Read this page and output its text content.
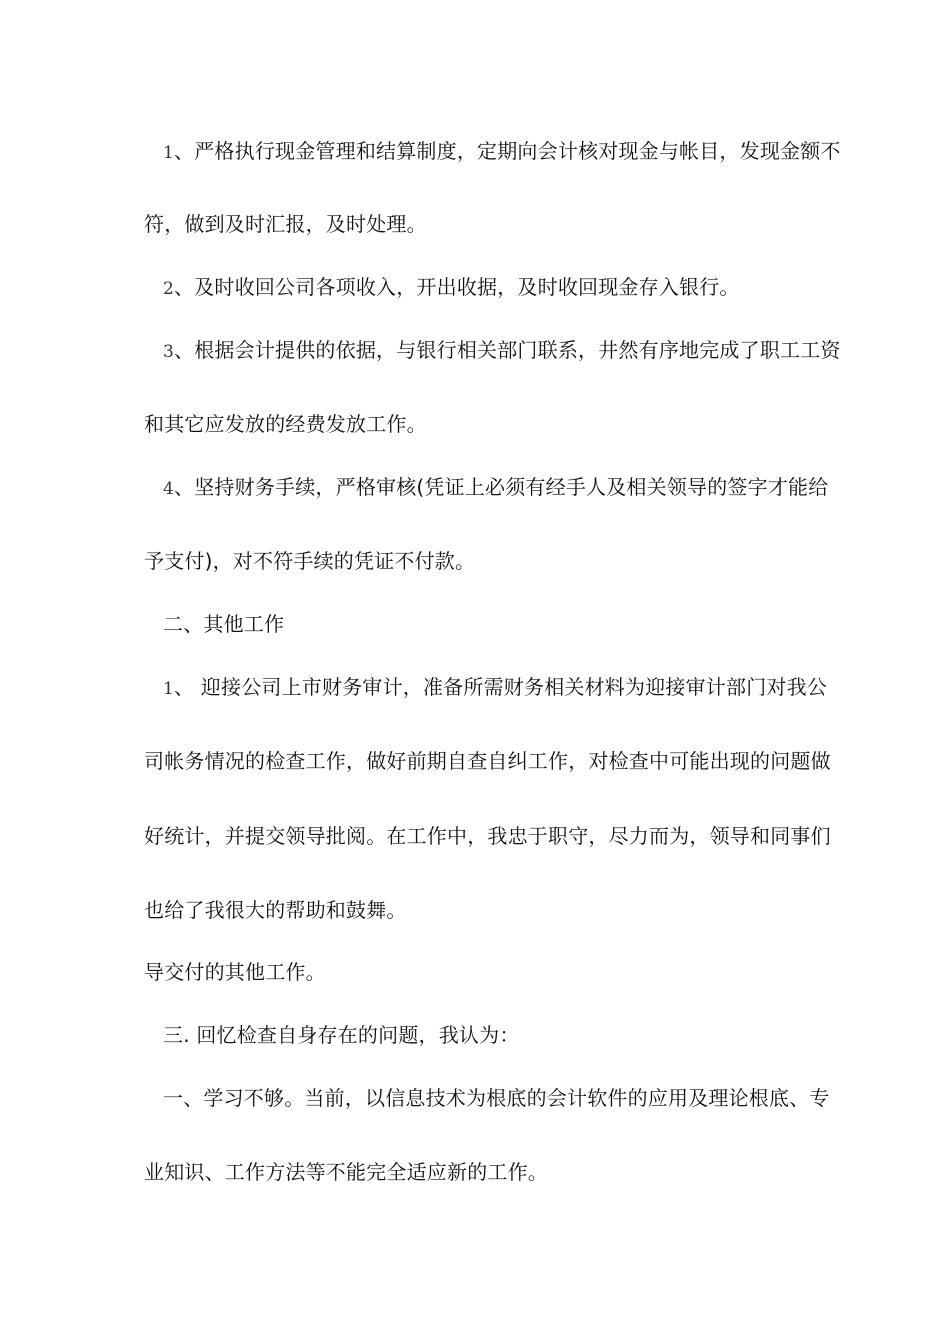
1、严格执行现金管理和结算制度，定期向会计核对现金与帐目，发现金额不

符，做到及时汇报，及时处理。

2、及时收回公司各项收入，开出收据，及时收回现金存入银行。

3、根据会计提供的依据，与银行相关部门联系，井然有序地完成了职工工资

和其它应发放的经费发放工作。

4、坚持财务手续，严格审核(凭证上必须有经手人及相关领导的签字才能给

予支付)，对不符手续的凭证不付款。

二、其他工作

1、 迎接公司上市财务审计，准备所需财务相关材料为迎接审计部门对我公

司帐务情况的检查工作，做好前期自查自纠工作，对检查中可能出现的问题做

好统计，并提交领导批阅。在工作中，我忠于职守，尽力而为，领导和同事们

也给了我很大的帮助和鼓舞。

导交付的其他工作。

三. 回忆检查自身存在的问题，我认为：

一、学习不够。当前，以信息技术为根底的会计软件的应用及理论根底、专

业知识、工作方法等不能完全适应新的工作。
